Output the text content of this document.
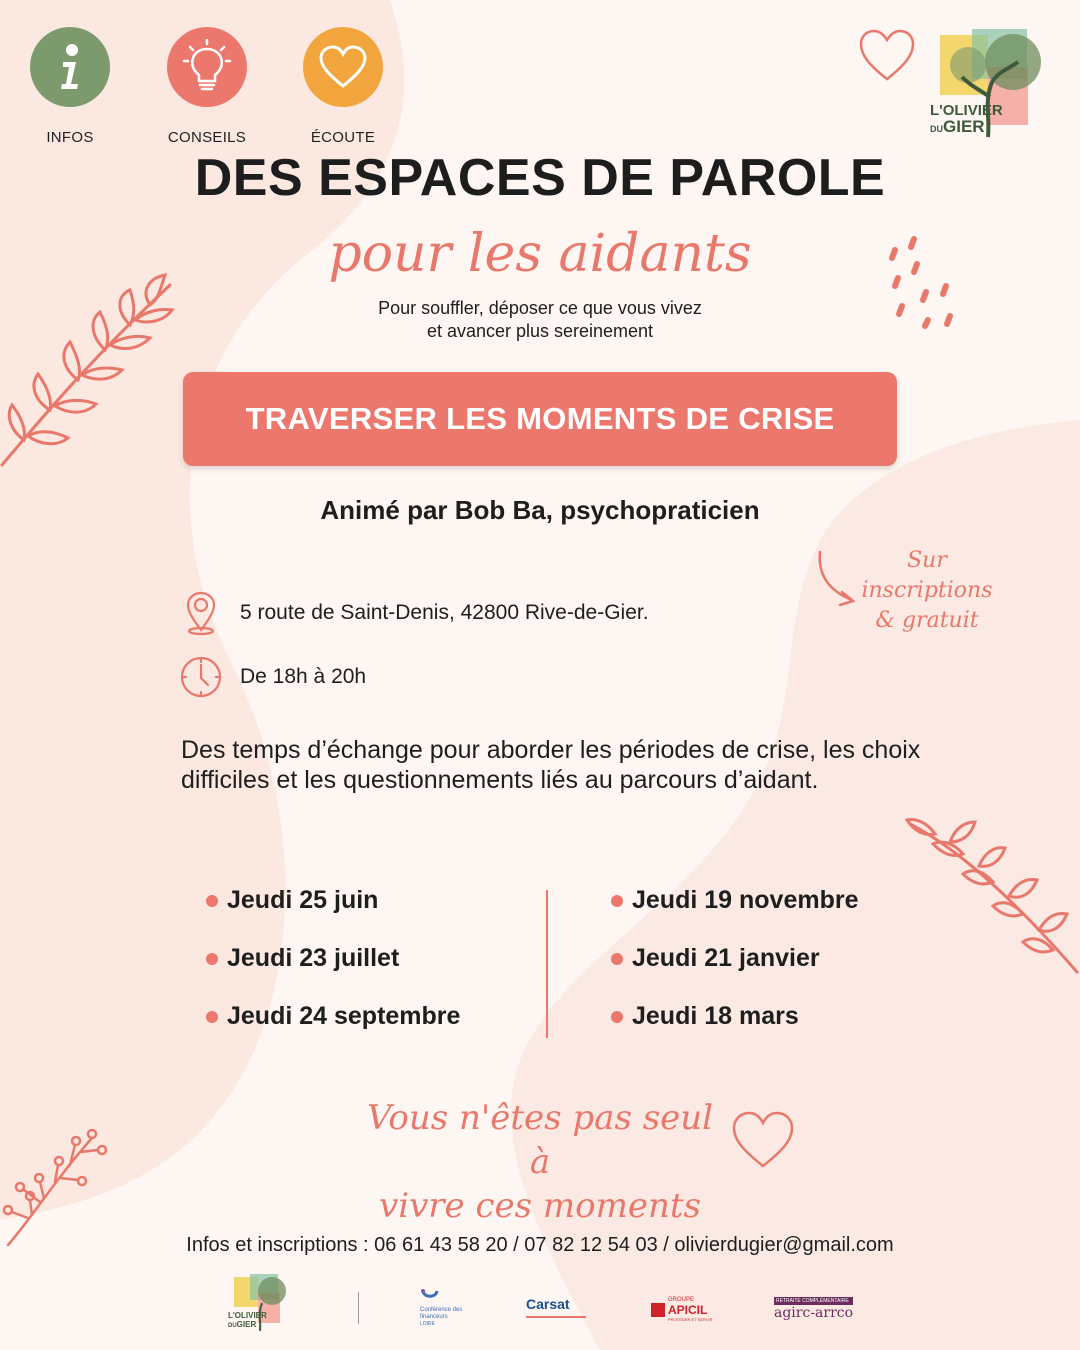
INFOS	CONSEILS	ÉCOUTE
L'OLIVIER
DUGIER
DES ESPACES DE PAROLE
pour les aidants
Pour souffler, déposer ce que vous vivez
et avancer plus sereinement
TRAVERSER LES MOMENTS DE CRISE
Animé par Bob Ba, psychopraticien
Sur inscriptions
& gratuit
5 route de Saint-Denis, 42800 Rive-de-Gier.
De 18h à 20h
Des temps d’échange pour aborder les périodes de crise, les choix difficiles et les questionnements liés au parcours d’aidant.
Jeudi 25 juin
Jeudi 23 juillet
Jeudi 24 septembre
Jeudi 19 novembre
Jeudi 21 janvier
Jeudi 18 mars
Vous n'êtes pas seul à
vivre ces moments
Infos et inscriptions : 06 61 43 58 20 / 07 82 12 54 03 / olivierdugier@gmail.com
L'OLIVIER
DUGIER
Conférence des financeurs
LOIRE
Carsat	GROUPE
APICIL
PROTÉGER ET SERVIR
RETRAITE COMPLÉMENTAIRE
agirc-arrco
